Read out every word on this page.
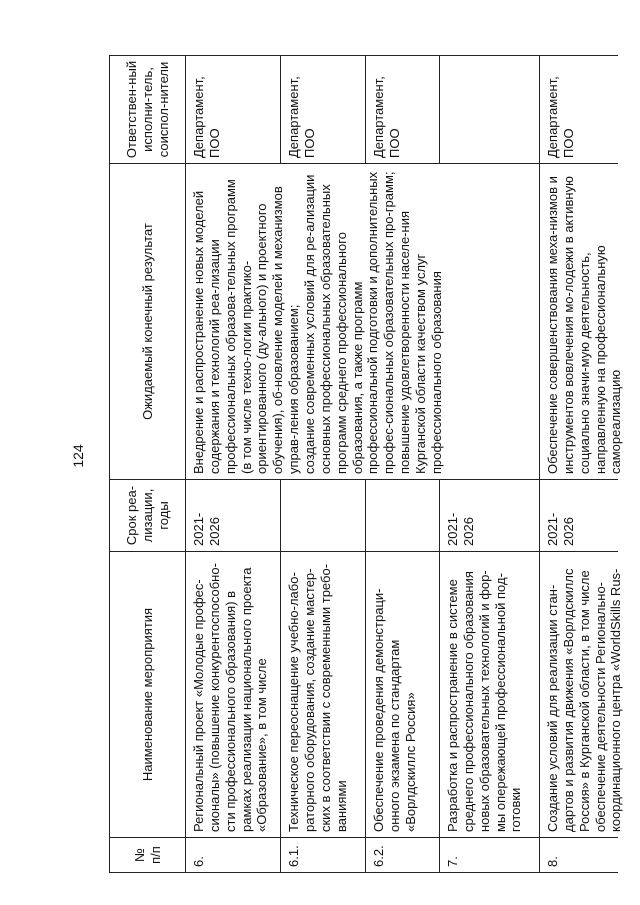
124
№ п/п
Наименование мероприятия
Срок реа-лизации, годы
Ожидаемый конечный результат
Ответствен-ный исполни-тель, соиспол-нители
6.
Региональный проект «Молодые профес-сионалы» (повышение конкурентоспособно-сти профессионального образования) в рамках реализации национального проекта «Образование», в том числе
2021-2026
Внедрение и распространение новых моделей содержания и технологий реа-лизации профессиональных образова-тельных программ (в том числе техно-логии практико-ориентированного (ду-ального) и проектного обучения), об-новление моделей и механизмов управ-ления образованием;
создание современных условий для ре-ализации основных профессиональных образовательных программ среднего профессионального образования, а также программ профессиональной подготовки и дополнительных профес-сиональных образовательных про-грамм;
повышение удовлетворенности населе-ния Курганской области качеством услуг профессионального образования
Департамент, ПОО
6.1.
Техническое переоснащение учебно-лабо-раторного оборудования, создание мастер-ских в соответствии с современными требо-ваниями
Департамент, ПОО
6.2.
Обеспечение проведения демонстраци-онного экзамена по стандартам «Ворлдскиллс Россия»
Департамент, ПОО
7.
Разработка и распространение в системе среднего профессионального образования новых образовательных технологий и фор-мы опережающей профессиональной под-готовки
2021-2026
8.
Создание условий для реализации стан-дартов и развития движения «Ворлдскиллс Россия» в Курганской области, в том числе обеспечение деятельности Регионально-координационного центра «WorldSkills Rus-
2021-2026
Обеспечение совершенствования меха-низмов и инструментов вовлечения мо-лодежи в активную социально значи-мую деятельность, направленную на профессиональную самореализацию
Департамент, ПОО
